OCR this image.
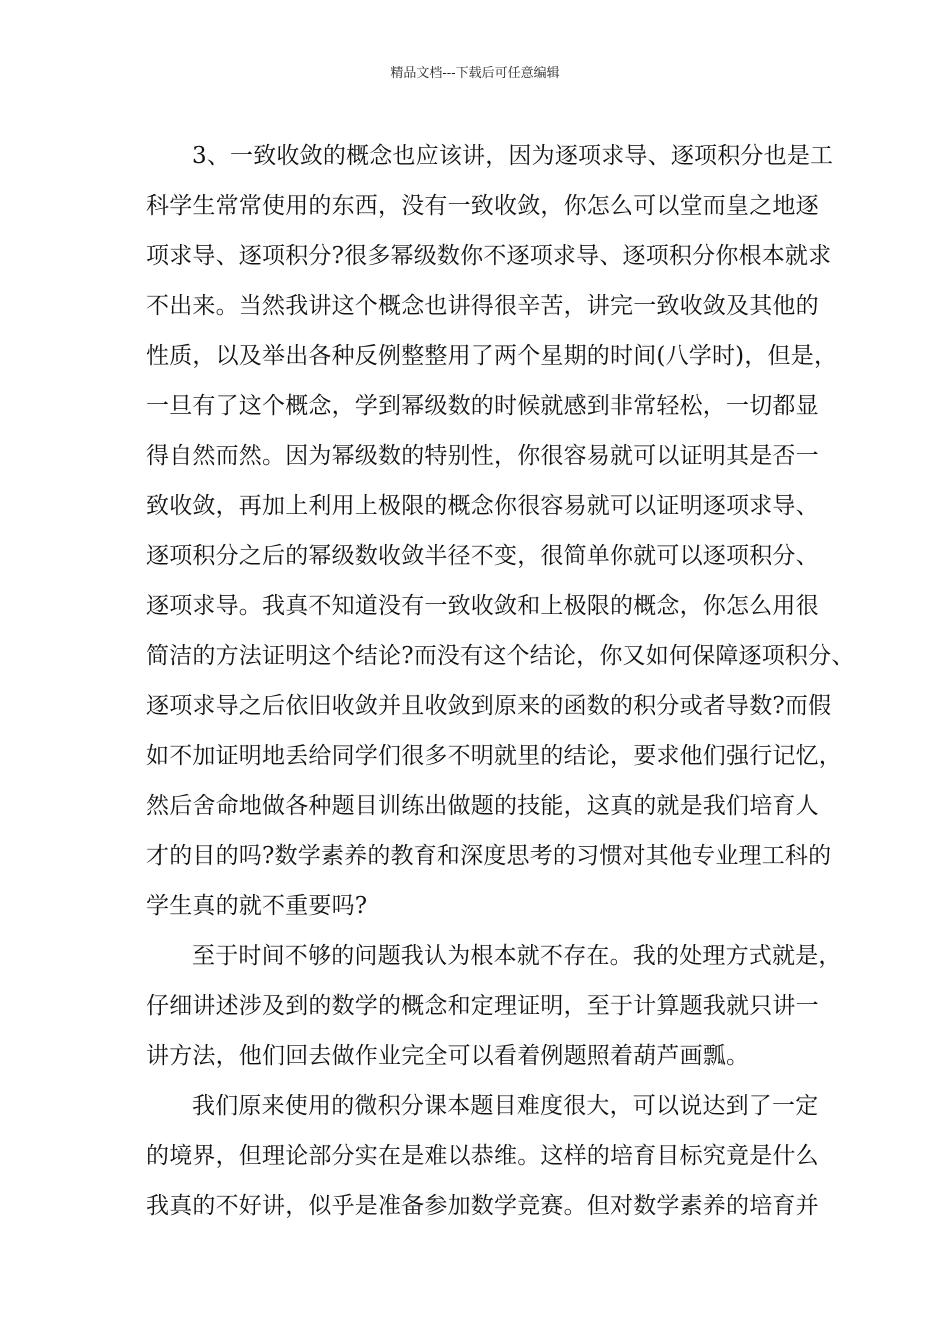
精品文档---下载后可任意编辑
3、一致收敛的概念也应该讲，因为逐项求导、逐项积分也是工
科学生常常使用的东西，没有一致收敛，你怎么可以堂而皇之地逐
项求导、逐项积分?很多幂级数你不逐项求导、逐项积分你根本就求
不出来。当然我讲这个概念也讲得很辛苦，讲完一致收敛及其他的
性质，以及举出各种反例整整用了两个星期的时间(八学时)，但是，
一旦有了这个概念，学到幂级数的时候就感到非常轻松，一切都显
得自然而然。因为幂级数的特别性，你很容易就可以证明其是否一
致收敛，再加上利用上极限的概念你很容易就可以证明逐项求导、
逐项积分之后的幂级数收敛半径不变，很简单你就可以逐项积分、
逐项求导。我真不知道没有一致收敛和上极限的概念，你怎么用很
简洁的方法证明这个结论?而没有这个结论，你又如何保障逐项积分、
逐项求导之后依旧收敛并且收敛到原来的函数的积分或者导数?而假
如不加证明地丢给同学们很多不明就里的结论，要求他们强行记忆，
然后舍命地做各种题目训练出做题的技能，这真的就是我们培育人
才的目的吗?数学素养的教育和深度思考的习惯对其他专业理工科的
学生真的就不重要吗?
至于时间不够的问题我认为根本就不存在。我的处理方式就是，
仔细讲述涉及到的数学的概念和定理证明，至于计算题我就只讲一
讲方法，他们回去做作业完全可以看着例题照着葫芦画瓢。
我们原来使用的微积分课本题目难度很大，可以说达到了一定
的境界，但理论部分实在是难以恭维。这样的培育目标究竟是什么
我真的不好讲，似乎是准备参加数学竞赛。但对数学素养的培育并
